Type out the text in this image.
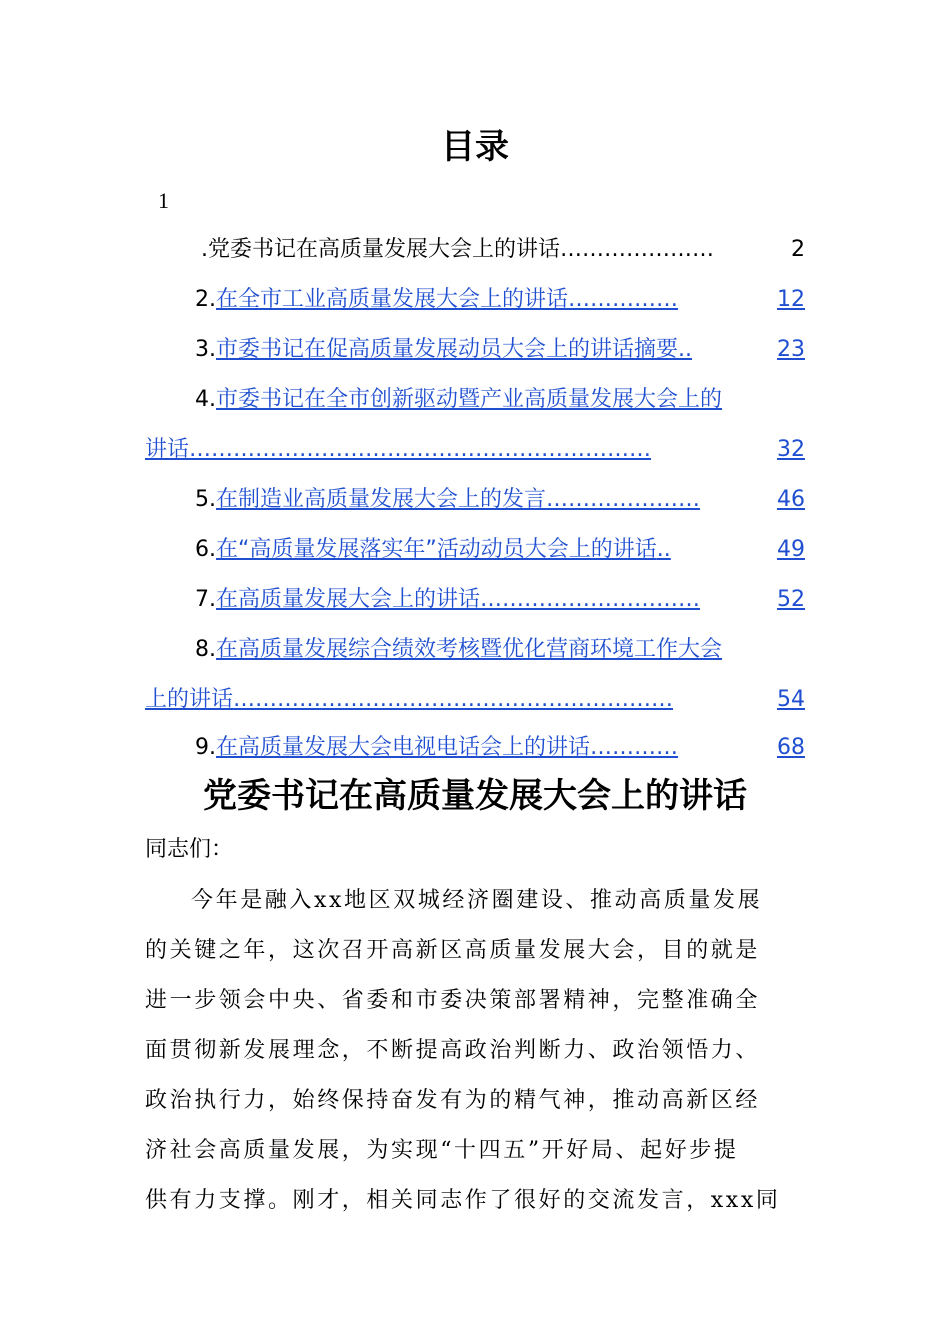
目录
1
.党委书记在高质量发展大会上的讲话 …………………	2
2. 在全市工业高质量发展大会上的讲话 ……………	12
3. 市委书记在促高质量发展动员大会上的讲话摘要 ..	23
4. 市委书记在全市创新驱动暨产业高质量发展大会上的
讲话 ………………………………………………………	32
5. 在制造业高质量发展大会上的发言 …………………	46
6. 在“高质量发展落实年”活动动员大会上的讲话 ..	49
7. 在高质量发展大会上的讲话 …………………………	52
8. 在高质量发展综合绩效考核暨优化营商环境工作大会
上的讲话 ……………………………………………………	54
9. 在高质量发展大会电视电话会上的讲话 …………	68
党委书记在高质量发展大会上的讲话
同志们：
今年是融入xx地区双城经济圈建设、推动高质量发展
的关键之年，这次召开高新区高质量发展大会，目的就是
进一步领会中央、省委和市委决策部署精神，完整准确全
面贯彻新发展理念，不断提高政治判断力、政治领悟力、
政治执行力，始终保持奋发有为的精气神，推动高新区经
济社会高质量发展，为实现“十四五”开好局、起好步提
供有力支撑。刚才，相关同志作了很好的交流发言，xxx同
